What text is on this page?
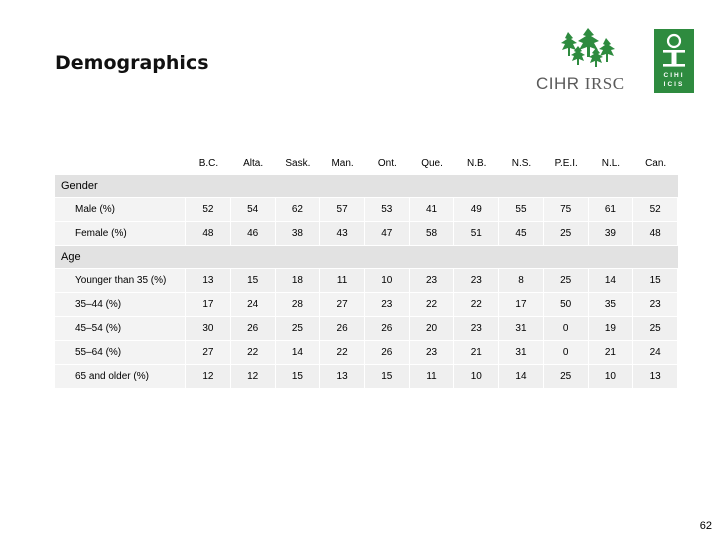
Demographics
CIHR IRSC	CIHI
ICIS
	B.C.	Alta.	Sask.	Man.	Ont.	Que.	N.B.	N.S.	P.E.I.	N.L.	Can.
Gender											
Male (%)	52	54	62	57	53	41	49	55	75	61	52
Female (%)	48	46	38	43	47	58	51	45	25	39	48
Age											
Younger than 35 (%)	13	15	18	11	10	23	23	8	25	14	15
35–44 (%)	17	24	28	27	23	22	22	17	50	35	23
45–54 (%)	30	26	25	26	26	20	23	31	0	19	25
55–64 (%)	27	22	14	22	26	23	21	31	0	21	24
65 and older (%)	12	12	15	13	15	11	10	14	25	10	13
62
